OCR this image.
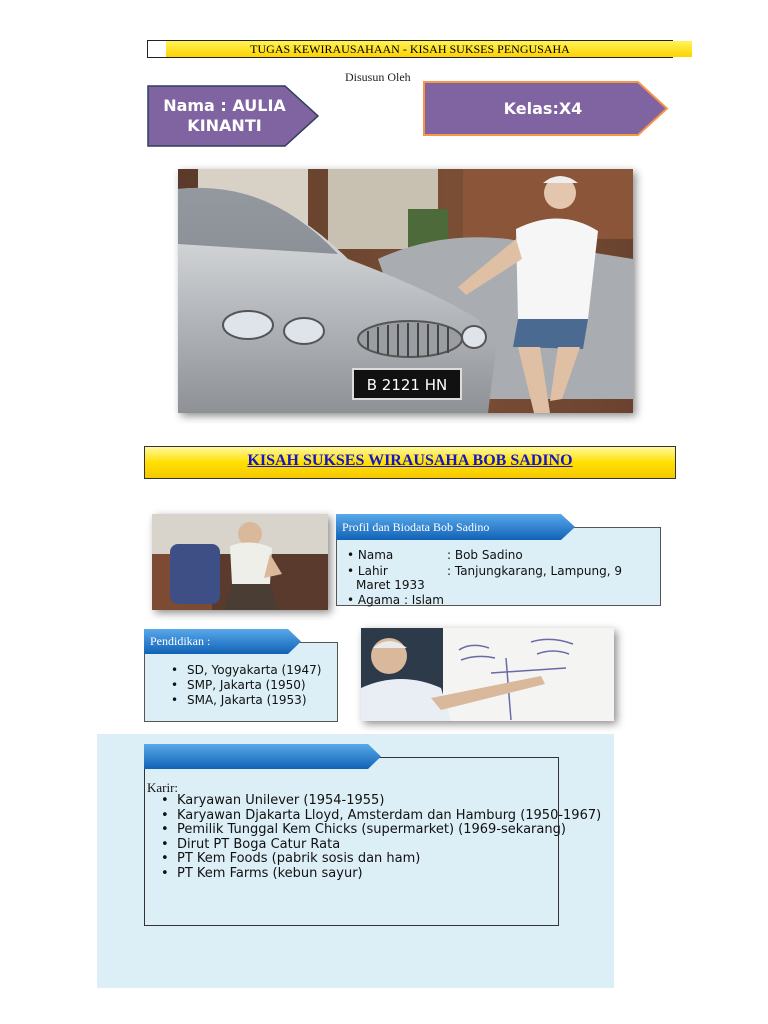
TUGAS KEWIRAUSAHAAN - KISAH SUKSES PENGUSAHA
Disusun Oleh
Nama : AULIA KINANTI
Kelas:X4
B 2121 HN
KISAH SUKSES WIRAUSAHA BOB SADINO
• Nama	: Bob Sadino
• Lahir	: Tanjungkarang, Lampung, 9
Maret 1933
• Agama : Islam
Profil dan Biodata Bob Sadino
• SD, Yogyakarta (1947)
• SMP, Jakarta (1950)
• SMA, Jakarta (1953)
Pendidikan :
Karir:
• Karyawan Unilever (1954-1955)
• Karyawan Djakarta Lloyd, Amsterdam dan Hamburg (1950-1967)
• Pemilik Tunggal Kem Chicks (supermarket) (1969-sekarang)
• Dirut PT Boga Catur Rata
• PT Kem Foods (pabrik sosis dan ham)
• PT Kem Farms (kebun sayur)
